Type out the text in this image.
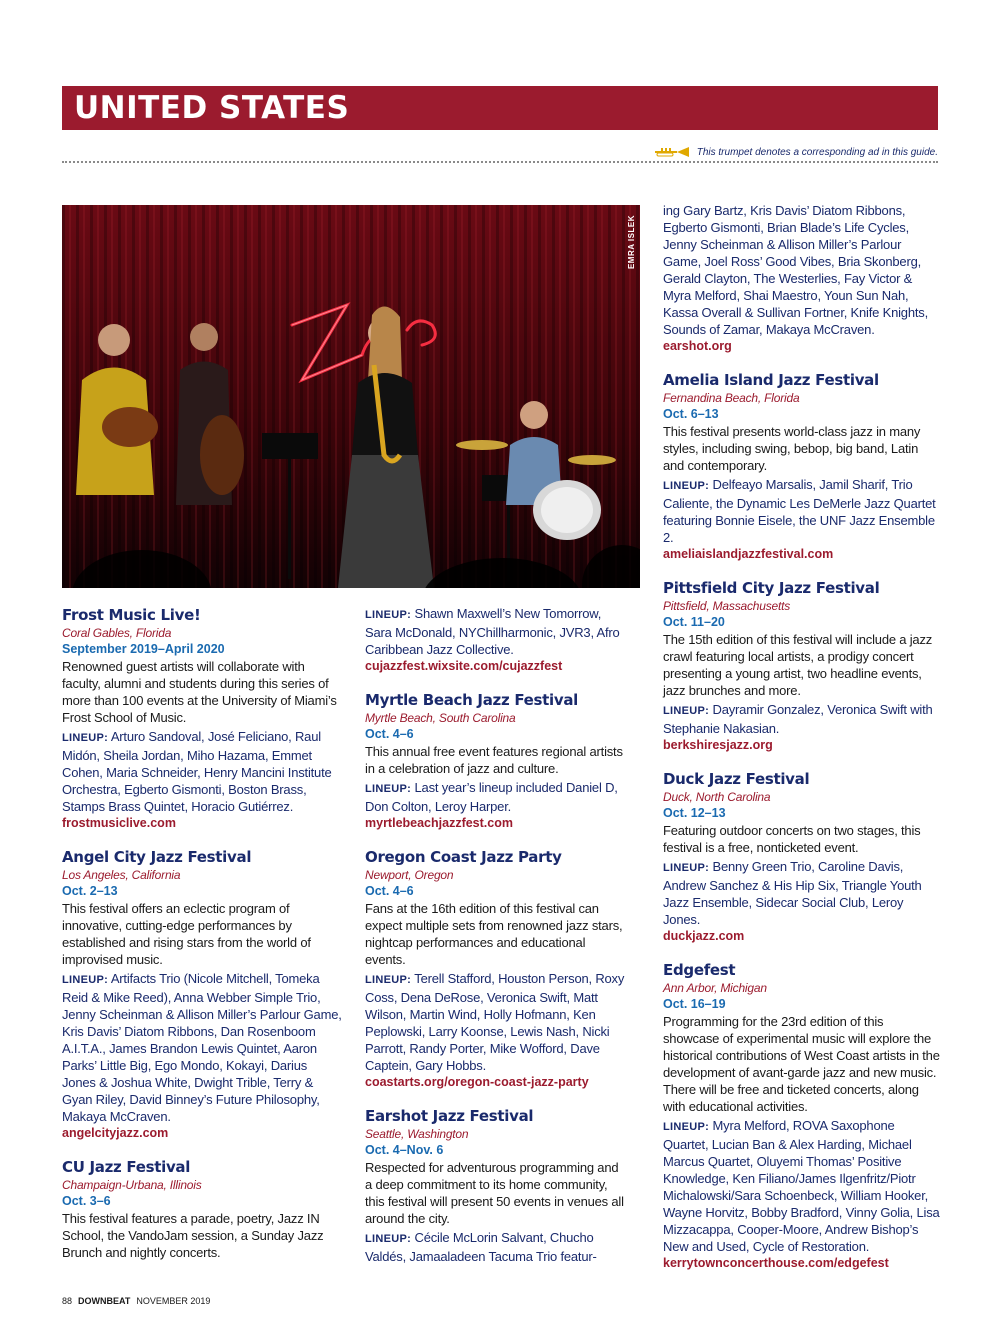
UNITED STATES
This trumpet denotes a corresponding ad in this guide.
EMRA ISLEK
Frost Music Live!
Coral Gables, Florida
September 2019–April 2020
Renowned guest artists will collaborate with faculty, alumni and students during this series of more than 100 events at the University of Miami’s Frost School of Music.
LINEUP: Arturo Sandoval, José Feliciano, Raul Midón, Sheila Jordan, Miho Hazama, Emmet Cohen, Maria Schneider, Henry Mancini Institute Orchestra, Egberto Gismonti, Boston Brass, Stamps Brass Quintet, Horacio Gutiérrez.
frostmusiclive.com
Angel City Jazz Festival
Los Angeles, California
Oct. 2–13
This festival offers an eclectic program of innovative, cutting-edge performances by established and rising stars from the world of improvised music.
LINEUP: Artifacts Trio (Nicole Mitchell, Tomeka Reid & Mike Reed), Anna Webber Simple Trio, Jenny Scheinman & Allison Miller’s Parlour Game, Kris Davis’ Diatom Ribbons, Dan Rosenboom A.I.T.A., James Brandon Lewis Quintet, Aaron Parks’ Little Big, Ego Mondo, Kokayi, Darius Jones & Joshua White, Dwight Trible, Terry & Gyan Riley, David Binney’s Future Philosophy, Makaya McCraven.
angelcityjazz.com
CU Jazz Festival
Champaign-Urbana, Illinois
Oct. 3–6
This festival features a parade, poetry, Jazz IN School, the VandoJam session, a Sunday Jazz Brunch and nightly concerts.
LINEUP: Shawn Maxwell’s New Tomorrow, Sara McDonald, NYChillharmonic, JVR3, Afro Caribbean Jazz Collective.
cujazzfest.wixsite.com/cujazzfest
Myrtle Beach Jazz Festival
Myrtle Beach, South Carolina
Oct. 4–6
This annual free event features regional artists in a celebration of jazz and culture.
LINEUP: Last year’s lineup included Daniel D, Don Colton, Leroy Harper.
myrtlebeachjazzfest.com
Oregon Coast Jazz Party
Newport, Oregon
Oct. 4–6
Fans at the 16th edition of this festival can expect multiple sets from renowned jazz stars, nightcap performances and educational events.
LINEUP: Terell Stafford, Houston Person, Roxy Coss, Dena DeRose, Veronica Swift, Matt Wilson, Martin Wind, Holly Hofmann, Ken Peplowski, Larry Koonse, Lewis Nash, Nicki Parrott, Randy Porter, Mike Wofford, Dave Captein, Gary Hobbs.
coastarts.org/oregon-coast-jazz-party
Earshot Jazz Festival
Seattle, Washington
Oct. 4–Nov. 6
Respected for adventurous programming and a deep commitment to its home community, this festival will present 50 events in venues all around the city.
LINEUP: Cécile McLorin Salvant, Chucho Valdés, Jamaaladeen Tacuma Trio featur-
ing Gary Bartz, Kris Davis’ Diatom Ribbons, Egberto Gismonti, Brian Blade’s Life Cycles, Jenny Scheinman & Allison Miller’s Parlour Game, Joel Ross’ Good Vibes, Bria Skonberg, Gerald Clayton, The Westerlies, Fay Victor & Myra Melford, Shai Maestro, Youn Sun Nah, Kassa Overall & Sullivan Fortner, Knife Knights, Sounds of Zamar, Makaya McCraven.
earshot.org
Amelia Island Jazz Festival
Fernandina Beach, Florida
Oct. 6–13
This festival presents world-class jazz in many styles, including swing, bebop, big band, Latin and contemporary.
LINEUP: Delfeayo Marsalis, Jamil Sharif, Trio Caliente, the Dynamic Les DeMerle Jazz Quartet featuring Bonnie Eisele, the UNF Jazz Ensemble 2.
ameliaislandjazzfestival.com
Pittsfield City Jazz Festival
Pittsfield, Massachusetts
Oct. 11–20
The 15th edition of this festival will include a jazz crawl featuring local artists, a prodigy concert presenting a young artist, two headline events, jazz brunches and more.
LINEUP: Dayramir Gonzalez, Veronica Swift with Stephanie Nakasian.
berkshiresjazz.org
Duck Jazz Festival
Duck, North Carolina
Oct. 12–13
Featuring outdoor concerts on two stages, this festival is a free, nonticketed event.
LINEUP: Benny Green Trio, Caroline Davis, Andrew Sanchez & His Hip Six, Triangle Youth Jazz Ensemble, Sidecar Social Club, Leroy Jones.
duckjazz.com
Edgefest
Ann Arbor, Michigan
Oct. 16–19
Programming for the 23rd edition of this showcase of experimental music will explore the historical contributions of West Coast artists in the development of avant-garde jazz and new music. There will be free and ticketed concerts, along with educational activities.
LINEUP: Myra Melford, ROVA Saxophone Quartet, Lucian Ban & Alex Harding, Michael Marcus Quartet, Oluyemi Thomas’ Positive Knowledge, Ken Filiano/James Ilgenfritz/Piotr Michalowski/Sara Schoenbeck, William Hooker, Wayne Horvitz, Bobby Bradford, Vinny Golia, Lisa Mizzacappa, Cooper-Moore, Andrew Bishop’s New and Used, Cycle of Restoration.
kerrytownconcerthouse.com/edgefest
88 DOWNBEAT NOVEMBER 2019
